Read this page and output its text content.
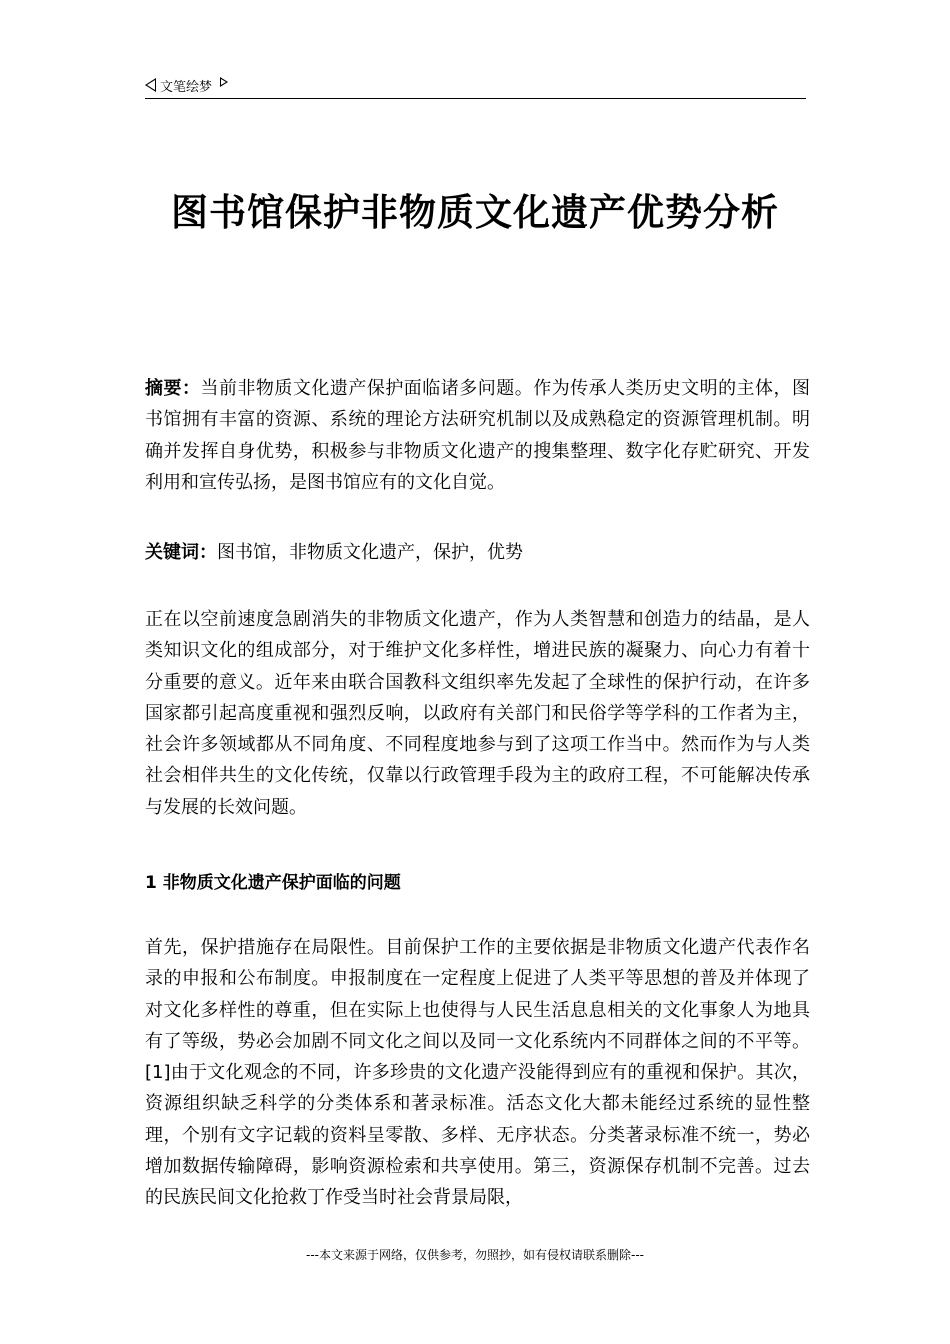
文笔绘梦
图书馆保护非物质文化遗产优势分析

摘要：当前非物质文化遗产保护面临诸多问题。作为传承人类历史文明的主体，图书馆拥有丰富的资源、系统的理论方法研究机制以及成熟稳定的资源管理机制。明确并发挥自身优势，积极参与非物质文化遗产的搜集整理、数字化存贮研究、开发利用和宣传弘扬，是图书馆应有的文化自觉。

关键词：图书馆，非物质文化遗产，保护，优势

正在以空前速度急剧消失的非物质文化遗产，作为人类智慧和创造力的结晶，是人类知识文化的组成部分，对于维护文化多样性，增进民族的凝聚力、向心力有着十分重要的意义。近年来由联合国教科文组织率先发起了全球性的保护行动，在许多国家都引起高度重视和强烈反响，以政府有关部门和民俗学等学科的工作者为主，社会许多领域都从不同角度、不同程度地参与到了这项工作当中。然而作为与人类社会相伴共生的文化传统，仅靠以行政管理手段为主的政府工程，不可能解决传承与发展的长效问题。

1 非物质文化遗产保护面临的问题

首先，保护措施存在局限性。目前保护工作的主要依据是非物质文化遗产代表作名录的申报和公布制度。申报制度在一定程度上促进了人类平等思想的普及并体现了对文化多样性的尊重，但在实际上也使得与人民生活息息相关的文化事象人为地具有了等级，势必会加剧不同文化之间以及同一文化系统内不同群体之间的不平等。[1]由于文化观念的不同，许多珍贵的文化遗产没能得到应有的重视和保护。其次，资源组织缺乏科学的分类体系和著录标准。活态文化大都未能经过系统的显性整理，个别有文字记载的资料呈零散、多样、无序状态。分类著录标准不统一，势必增加数据传输障碍，影响资源检索和共享使用。第三，资源保存机制不完善。过去的民族民间文化抢救丁作受当时社会背景局限，

---本文来源于网络，仅供参考，勿照抄，如有侵权请联系删除---
